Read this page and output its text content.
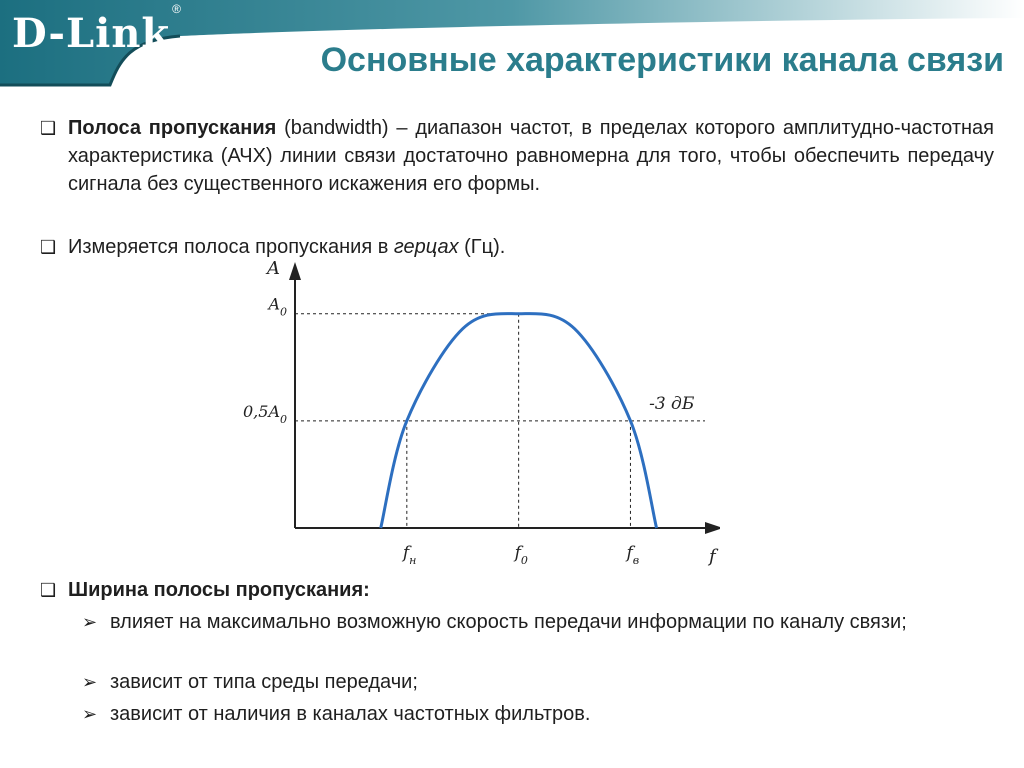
D-Link®
Основные характеристики канала связи
❑ Полоса пропускания (bandwidth) – диапазон частот, в пределах которого амплитудно-частотная характеристика (АЧХ) линии связи достаточно равномерна для того, чтобы обеспечить передачу сигнала без существенного искажения его формы.
❑ Измеряется полоса пропускания в герцах (Гц).
A
f
$A_0$
$0,5A_0$
-3 дБ
$f_н$	$f_0$	$f_в$
❑ Ширина полосы пропускания:
➢ влияет на максимально возможную скорость передачи информации по каналу связи;
➢ зависит от типа среды передачи;
➢ зависит от наличия в каналах частотных фильтров.
